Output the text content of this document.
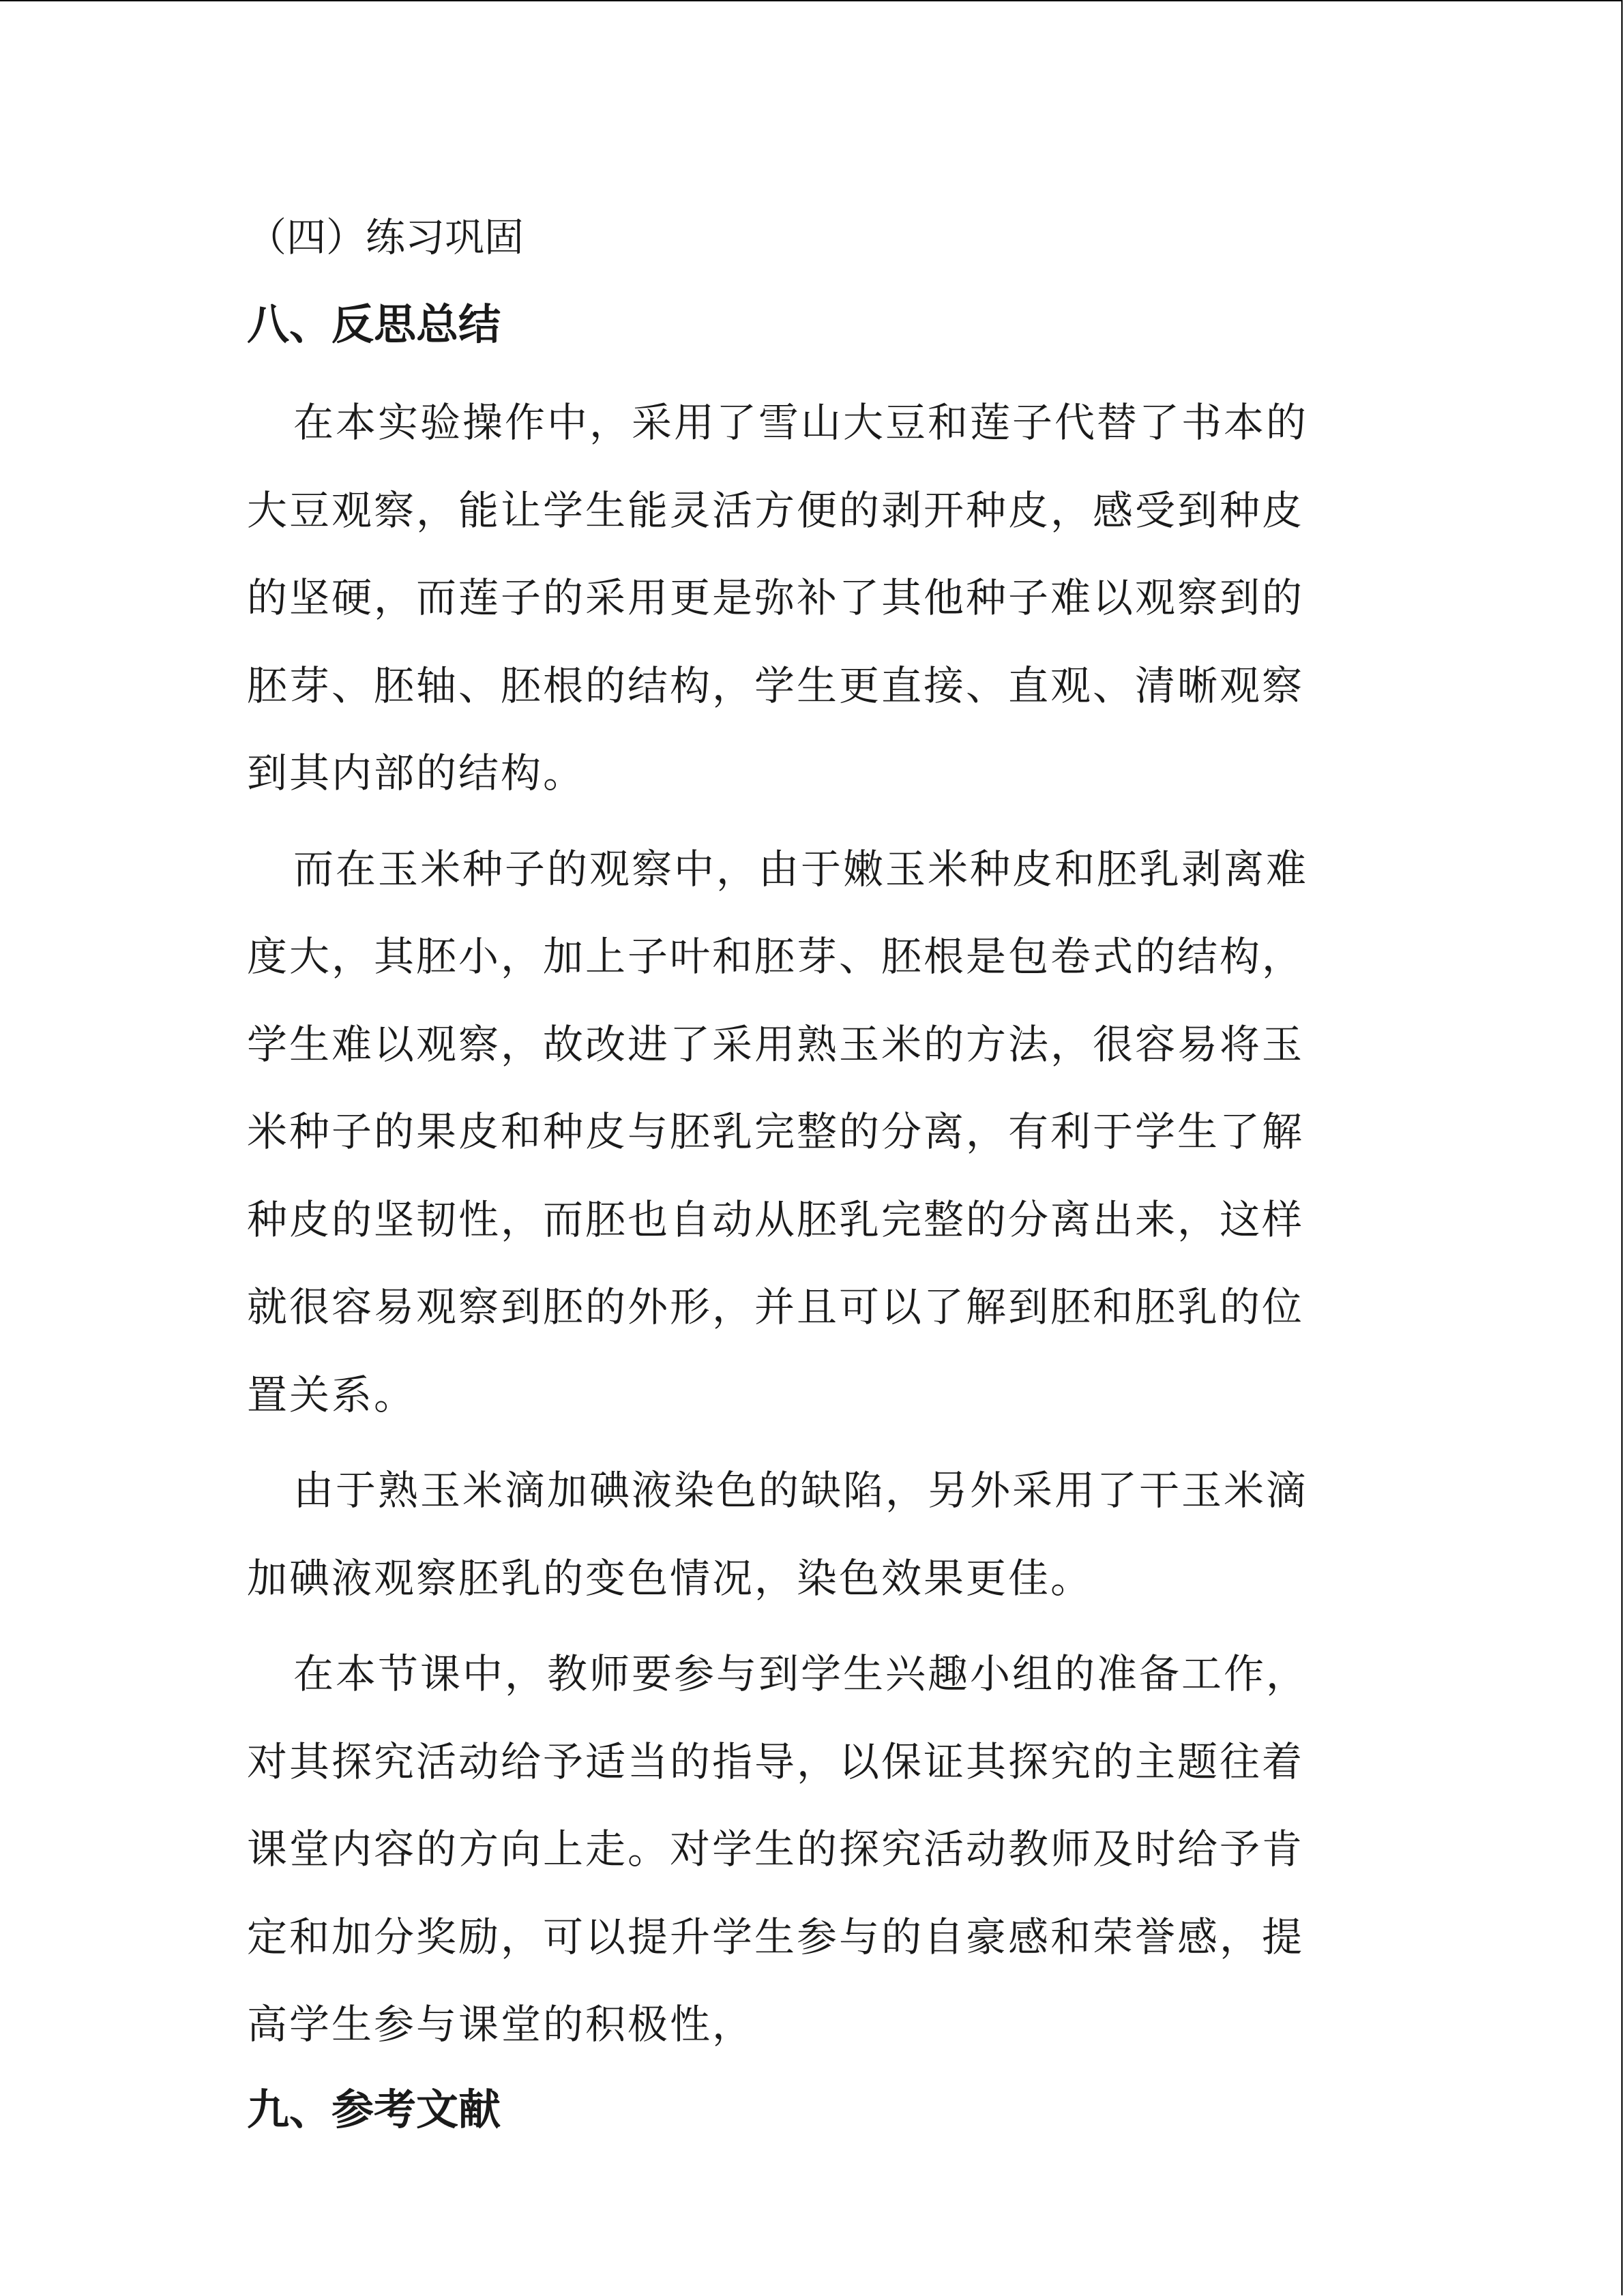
（四）练习巩固
八、反思总结
在本实验操作中，采用了雪山大豆和莲子代替了书本的
大豆观察，能让学生能灵活方便的剥开种皮，感受到种皮
的坚硬，而莲子的采用更是弥补了其他种子难以观察到的
胚芽、胚轴、胚根的结构，学生更直接、直观、清晰观察
到其内部的结构。
而在玉米种子的观察中，由于嫩玉米种皮和胚乳剥离难
度大，其胚小，加上子叶和胚芽、胚根是包卷式的结构，
学生难以观察，故改进了采用熟玉米的方法，很容易将玉
米种子的果皮和种皮与胚乳完整的分离，有利于学生了解
种皮的坚韧性，而胚也自动从胚乳完整的分离出来，这样
就很容易观察到胚的外形，并且可以了解到胚和胚乳的位
置关系。
由于熟玉米滴加碘液染色的缺陷，另外采用了干玉米滴
加碘液观察胚乳的变色情况，染色效果更佳。
在本节课中，教师要参与到学生兴趣小组的准备工作，
对其探究活动给予适当的指导，以保证其探究的主题往着
课堂内容的方向上走。对学生的探究活动教师及时给予肯
定和加分奖励，可以提升学生参与的自豪感和荣誉感，提
高学生参与课堂的积极性，
九、参考文献
